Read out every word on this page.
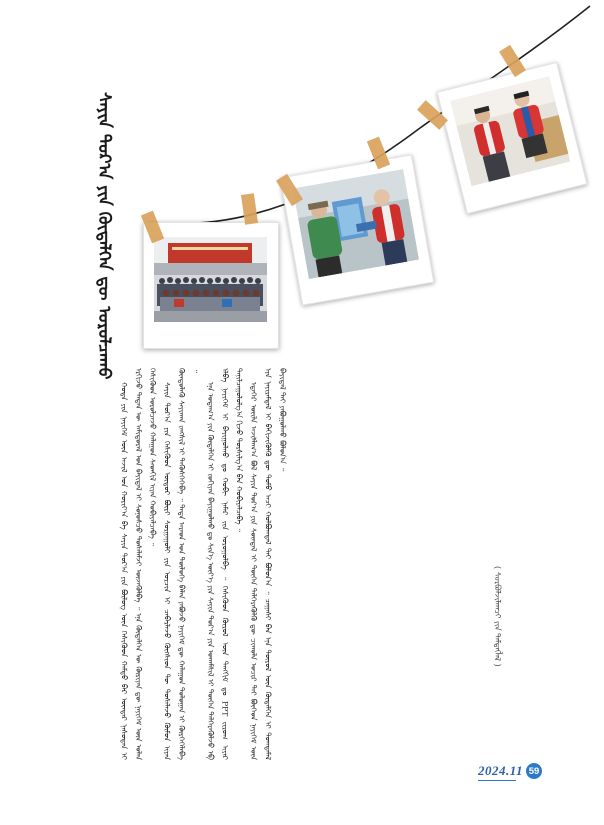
ᠰᠠᠶᠢᠨ ᠳᠣᠷ᠎ᠠ ᠶᠢᠨ ᠬᠥᠳᠡᠯᠭᠡᠨ ᠳᠦ ᠣᠷᠣᠯᠴᠠᠬᠤ

ᠬᠣᠲᠠ ᠶᠢᠨ ᠨᠡᠶᠢᠭᠡᠮ ᠦᠨ ᠠᠵᠢᠯ ᠤᠨ ᠬᠣᠷᠢᠶ᠎ᠠ ᠪᠠ ᠰᠠᠶᠢᠨ ᠳᠣᠷ᠎ᠠ ᠶᠢᠨ ᠪᠦᠯᠦᠭ ᠦᠨ ᠭᠡᠰᠢᠭᠦᠳ ᠬᠠᠮᠲᠤ ᠪᠡᠷ ᠥᠨᠳᠡᠷ ᠨᠠᠰᠤᠲᠠᠨ ᠢ ᠡᠷᠭᠢᠵᠦ ᠲᠡᠳᠡᠨ ᠦ ᠠᠮᠢᠳᠤᠷᠠᠯ ᠤᠨ ᠪᠠᠶᠢᠳᠠᠯ ᠢ ᠰᠣᠨᠤᠰᠴᠤ ᠲᠤᠰᠠᠯᠠᠮᠵᠢ ᠦᠵᠡᠭᠦᠯᠪᠡ ᠃ ᠡᠨᠡ ᠬᠥᠳᠡᠯᠭᠡᠨ ᠦ ᠬᠦᠷᠢᠶᠡᠨ ᠳᠦ ᠨᠡᠶᠢᠭᠡᠮ ᠦᠨ ᠣᠯᠠᠨ ᠭᠡᠰᠢᠭᠦᠳ ᠣᠷᠣᠯᠴᠠᠵᠤ ᠬᠠᠯᠠᠭᠤᠨ ᠰᠡᠳᠬᠢᠯ ᠢᠶᠡᠨ ᠬᠤᠪᠢᠶᠠᠯᠴᠠᠪᠠ ᠃ ᠰᠠᠶᠢᠨ ᠳᠣᠷ᠎ᠠ ᠶᠢᠨ ᠭᠡᠰᠢᠭᠦᠳ ᠥᠳᠥᠷ ᠪᠦᠷᠢ ᠰᠤᠷᠭᠠᠭᠤᠯᠢ ᠶᠢᠨ ᠣᠷᠴᠢᠨ ᠢ ᠴᠡᠪᠡᠷᠯᠡᠵᠦ ᠬᠥᠭᠰᠢᠳ ᠲᠦ ᠲᠤᠰᠠᠯᠠᠵᠤ ᠬᠦᠮᠦᠨ ᠢᠶᠡᠨ ᠬᠦᠨᠳᠦᠯᠡᠬᠦ ᠰᠠᠶᠢᠬᠠᠨ ᠵᠠᠩᠰᠢᠯ ᠢ ᠲᠡᠭᠦᠰᠬᠡᠭᠡᠪᠡ ᠃ ᠲᠡᠳᠡ ᠠᠷᠠᠳ ᠤᠨ ᠲᠥᠯᠥᠭᠡ ᠪᠡᠯᠡᠨ ᠶᠠᠪᠤᠵᠤ ᠨᠡᠶᠢᠭᠡᠮ ᠳᠦ ᠬᠠᠯᠠᠭᠤᠨ ᠳᠣᠯᠤᠭᠠᠨ ᠢ ᠬᠦᠷᠭᠡᠭᠡᠯᠡᠪᠡ ᠃

ᠡᠨᠡ ᠤᠳᠠᠭ᠎ᠠ ᠶᠢᠨ ᠬᠥᠳᠡᠯᠭᠡᠨ ᠢ ᠵᠣᠬᠢᠶᠠᠨ ᠪᠠᠶᠢᠭᠤᠯᠬᠤ ᠳᠤ ᠰᠢᠨ᠎ᠡ ᠦᠶ᠎ᠡ ᠶᠢᠨ ᠰᠠᠶᠢᠨ ᠳᠣᠷ᠎ᠠ ᠶᠢᠨ ᠤᠬᠠᠮᠰᠢᠯ ᠢ ᠲᠦᠭᠡᠨ ᠳᠡᠯᠭᠡᠷᠡᠭᠦᠯᠵᠦ ᠡᠪ ᠡᠯᠪᠡ ᠨᠡᠶᠢᠭᠡᠮ ᠢ ᠪᠠᠶᠢᠭᠤᠯᠬᠤ ᠳᠤ ᠬᠤᠪᠢ ᠨᠡᠮᠡᠷ ᠵᠢᠨ ᠣᠷᠣᠭᠤᠯᠪᠠ ᠃ ᠭᠡᠰᠢᠭᠦᠳ ᠬᠦᠷᠦᠯ ᠦᠨ ᠲᠠᠩᠬᠢᠮ ᠳᠤ PPT ᠵᠢᠷᠤᠭ ᠢᠶᠠᠷ ᠲᠠᠨᠢᠯᠴᠠᠭᠤᠯᠤᠯᠭ᠎ᠠ ᠬᠢᠵᠦ ᠲᠤᠷᠰᠢᠯᠭ᠎ᠠ ᠪᠠᠨ ᠬᠤᠪᠢᠶᠠᠯᠴᠠᠪᠠ ᠃ ᠡᠳᠡᠭᠡᠷ ᠦᠢᠯᠡ ᠠᠵᠢᠯᠯᠠᠭ᠎ᠠ ᠪᠣᠯ ᠰᠠᠶᠢᠨ ᠳᠣᠷ᠎ᠠ ᠶᠢᠨ ᠰᠦᠨᠳᠡᠯ ᠢ ᠲᠦᠭᠡᠨ ᠳᠡᠯᠭᠡᠷᠡᠭᠦᠯᠬᠦ ᠳᠦ ᠴᠢᠬᠤᠯᠠ ᠤᠴᠢᠷ ᠲᠠᠢ ᠪᠥᠭᠡᠳ ᠨᠡᠶᠢᠭᠡᠮ ᠦᠨ ᠡᠶᠡ ᠨᠠᠶᠢᠷᠠᠮᠳᠠᠯ ᠢ ᠪᠡᠬᠢᠵᠢᠭᠦᠯᠬᠦ ᠳᠦ ᠲᠣᠮᠣ ᠠᠴᠢ ᠬᠣᠯᠪᠣᠭᠳᠠᠯ ᠲᠠᠢ ᠪᠣᠯᠤᠨ᠎ᠠ ᠃ ᠴᠠᠭᠠᠰᠢ ᠪᠠᠨ ᠡᠨᠡ ᠲᠥᠷᠦᠯ ᠦᠨ ᠬᠥᠳᠡᠯᠭᠡᠨ ᠢ ᠲᠣᠭᠲᠠᠮᠠᠯ ᠪᠠᠶᠢᠳᠠᠯ ᠲᠠᠢ ᠶᠠᠪᠤᠭᠤᠯᠬᠤ ᠪᠣᠯᠤᠨ᠎ᠠ ᠃

( ᠰᠤᠷᠪᠤᠯᠵᠢᠯᠠᠭᠴᠢ ᠶᠢᠨ ᠲᠡᠮᠳᠡᠭᠯᠡᠯ )
2024.11 59
